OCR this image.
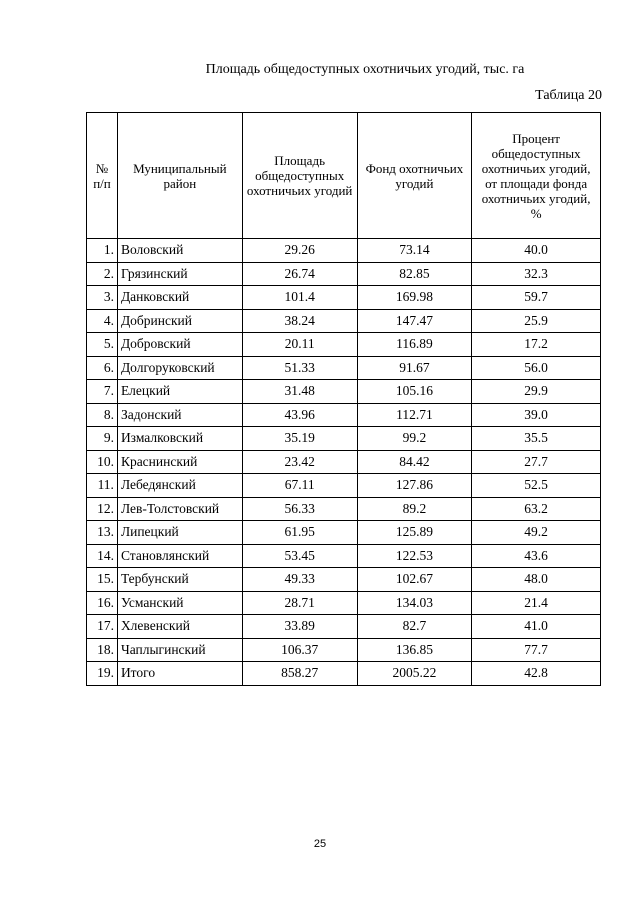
Площадь общедоступных охотничьих угодий, тыс. га
Таблица 20
№ п/п	Муниципальный район	Площадь общедоступных охотничьих угодий	Фонд охотничьих угодий	Процент общедоступных охотничьих угодий, от площади фонда охотничьих угодий, %
1.	Воловский	29.26	73.14	40.0
2.	Грязинский	26.74	82.85	32.3
3.	Данковский	101.4	169.98	59.7
4.	Добринский	38.24	147.47	25.9
5.	Добровский	20.11	116.89	17.2
6.	Долгоруковский	51.33	91.67	56.0
7.	Елецкий	31.48	105.16	29.9
8.	Задонский	43.96	112.71	39.0
9.	Измалковский	35.19	99.2	35.5
10.	Краснинский	23.42	84.42	27.7
11.	Лебедянский	67.11	127.86	52.5
12.	Лев-Толстовский	56.33	89.2	63.2
13.	Липецкий	61.95	125.89	49.2
14.	Становлянский	53.45	122.53	43.6
15.	Тербунский	49.33	102.67	48.0
16.	Усманский	28.71	134.03	21.4
17.	Хлевенский	33.89	82.7	41.0
18.	Чаплыгинский	106.37	136.85	77.7
19.	Итого	858.27	2005.22	42.8
25
